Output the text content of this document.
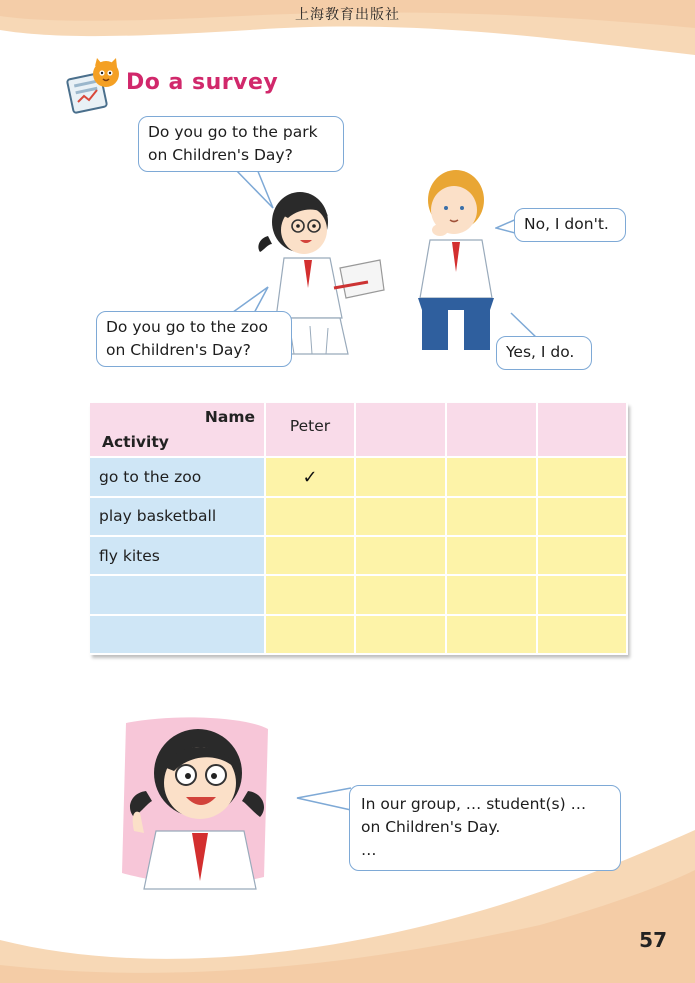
上海教育出版社
Do a survey
Do you go to the park
on Children's Day?
No, I don't.
Do you go to the zoo
on Children's Day?	Yes, I do.
Name
Activity	Peter			
go to the zoo	✓			
play basketball				
fly kites				

In our group, … student(s) …
on Children's Day.
…
57
